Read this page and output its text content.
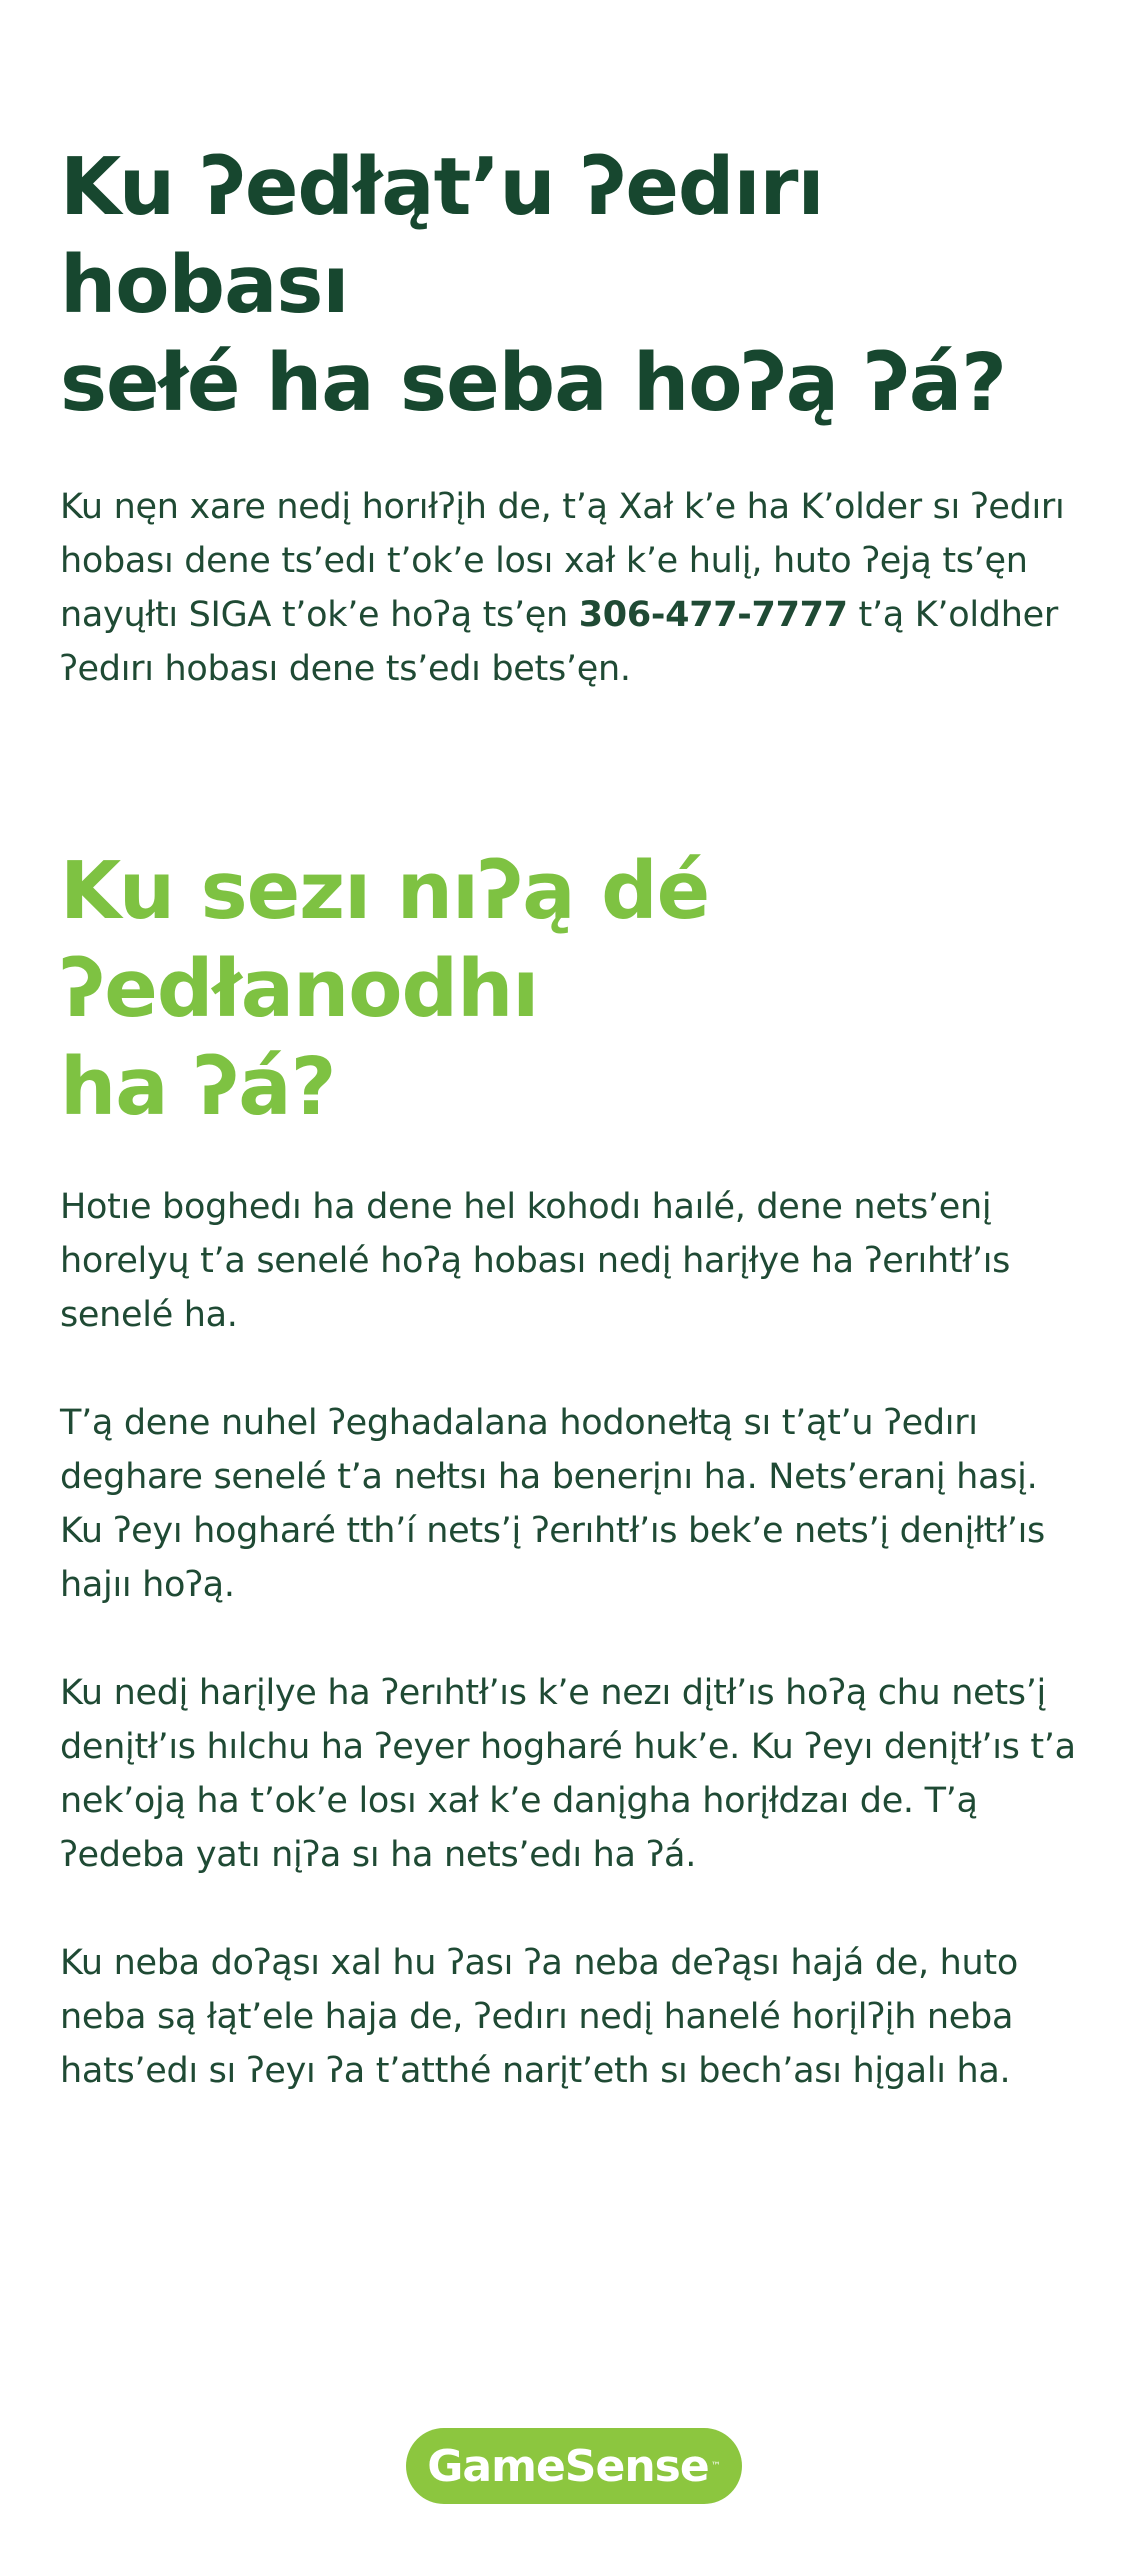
Ku ʔedłąt’u ʔedırı hobası
sełé ha seba hoʔą ʔá?

Ku nęn xare nedį horıłʔįh de, t’ą Xał k’e ha K’older sı ʔedırı hobası dene ts’edı t’ok’e losı xał k’e hulį, huto ʔeją ts’ęn nayųłtı SIGA t’ok’e hoʔą ts’ęn 306-477-7777 t’ą K’oldher ʔedırı hobası dene ts’edı bets’ęn.

Ku sezı nıʔą dé ʔedłanodhı
ha ʔá?

Hotıe boghedı ha dene hel kohodı haılé, dene nets’enį horelyų t’a senelé hoʔą hobası nedį harįłye ha ʔerıhtł’ıs senelé ha.

T’ą dene nuhel ʔeghadalana hodonełtą sı t’ąt’u ʔedırı deghare senelé t’a nełtsı ha benerįnı ha. Nets’eranį hasį. Ku ʔeyı hogharé tth’í nets’į ʔerıhtł’ıs bek’e nets’į denįłtł’ıs hajıı hoʔą.

Ku nedį harįlye ha ʔerıhtł’ıs k’e nezı dįtł’ıs hoʔą chu nets’į denįtł’ıs hılchu ha ʔeyer hogharé huk’e. Ku ʔeyı denįtł’ıs t’a nek’oją ha t’ok’e losı xał k’e danįgha horįłdzaı de. T’ą ʔedeba yatı nįʔa sı ha nets’edı ha ʔá.

Ku neba doʔąsı xal hu ʔası ʔa neba deʔąsı hajá de, huto neba są łąt’ele haja de, ʔedırı nedį hanelé horįlʔįh neba hats’edı sı ʔeyı ʔa t’atthé narįt’eth sı bech’ası hįgalı ha.

GameSense ™
